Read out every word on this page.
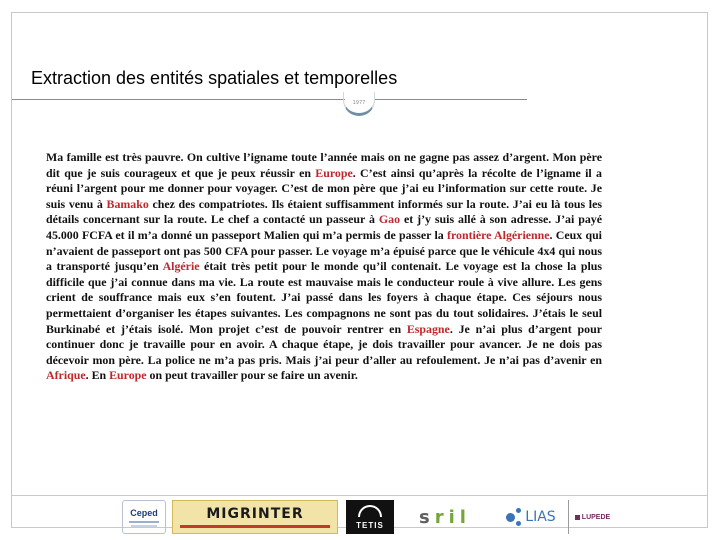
Extraction des entités spatiales et temporelles
1977
Ma famille est très pauvre. On cultive l’igname toute l’année mais on ne gagne pas assez d’argent. Mon père dit que je suis courageux et que je peux réussir en Europe. C’est ainsi qu’après la récolte de l’igname il a réuni l’argent pour me donner pour voyager. C’est de mon père que j’ai eu l’information sur cette route. Je suis venu à Bamako chez des compatriotes. Ils étaient suffisamment informés sur la route. J’ai eu là tous les détails concernant sur la route. Le chef a contacté un passeur à Gao et j’y suis allé à son adresse. J’ai payé 45.000 FCFA et il m’a donné un passeport Malien qui m’a permis de passer la frontière Algérienne. Ceux qui n’avaient de passeport ont pas 500 CFA pour passer. Le voyage m’a épuisé parce que le véhicule 4x4 qui nous a transporté jusqu’en Algérie était très petit pour le monde qu’il contenait. Le voyage est la chose la plus difficile que j’ai connue dans ma vie. La route est mauvaise mais le conducteur roule à vive allure. Les gens crient de souffrance mais eux s’en foutent. J’ai passé dans les foyers à chaque étape. Ces séjours nous permettaient d’organiser les étapes suivantes. Les compagnons ne sont pas du tout solidaires. J’étais le seul Burkinabé et j’étais isolé. Mon projet c’est de pouvoir rentrer en Espagne. Je n’ai plus d’argent pour continuer donc je travaille pour en avoir. A chaque étape, je dois travailler pour avancer. Je ne dois pas décevoir mon père. La police ne m’a pas pris. Mais j’ai peur d’aller au refoulement. Je n’ai pas d’avenir en Afrique. En Europe on peut travailler pour se faire un avenir.
Ceped	MIGRINTER
TETIS sril	LIAS	LUPEDE
